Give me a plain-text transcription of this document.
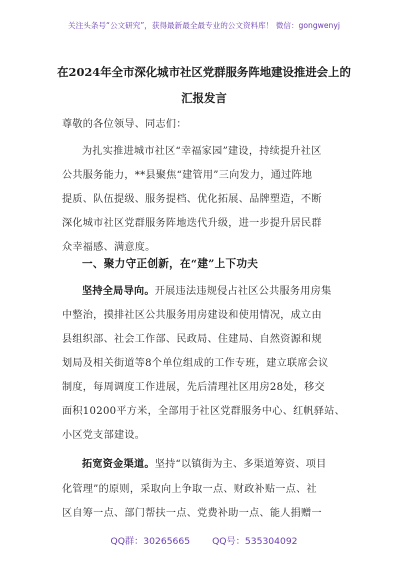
关注头条号“公文研究”，获得最新最全最专业的公文资料库！ 微信：gongwenyj
在2024年全市深化城市社区党群服务阵地建设推进会上的
汇报发言
尊敬的各位领导、同志们：
为扎实推进城市社区“幸福家园”建设，持续提升社区
公共服务能力，**县聚焦“建管用”三向发力，通过阵地
提质、队伍提级、服务提档、优化拓展、品牌塑造，不断
深化城市社区党群服务阵地迭代升级，进一步提升居民群
众幸福感、满意度。
一、聚力守正创新，在“建”上下功夫
坚持全局导向。开展违法违规侵占社区公共服务用房集
中整治，摸排社区公共服务用房建设和使用情况，成立由
县组织部、社会工作部、民政局、住建局、自然资源和规
划局及相关街道等8个单位组成的工作专班，建立联席会议
制度，每周调度工作进展，先后清理社区用房28处，移交
面积10200平方米，全部用于社区党群服务中心、红帆驿站、
小区党支部建设。
拓宽资金渠道。坚持“以镇街为主、多渠道筹资、项目
化管理”的原则，采取向上争取一点、财政补贴一点、社
区自筹一点、部门帮扶一点、党费补助一点、能人捐赠一
QQ群：30265665 QQ号：535304092
